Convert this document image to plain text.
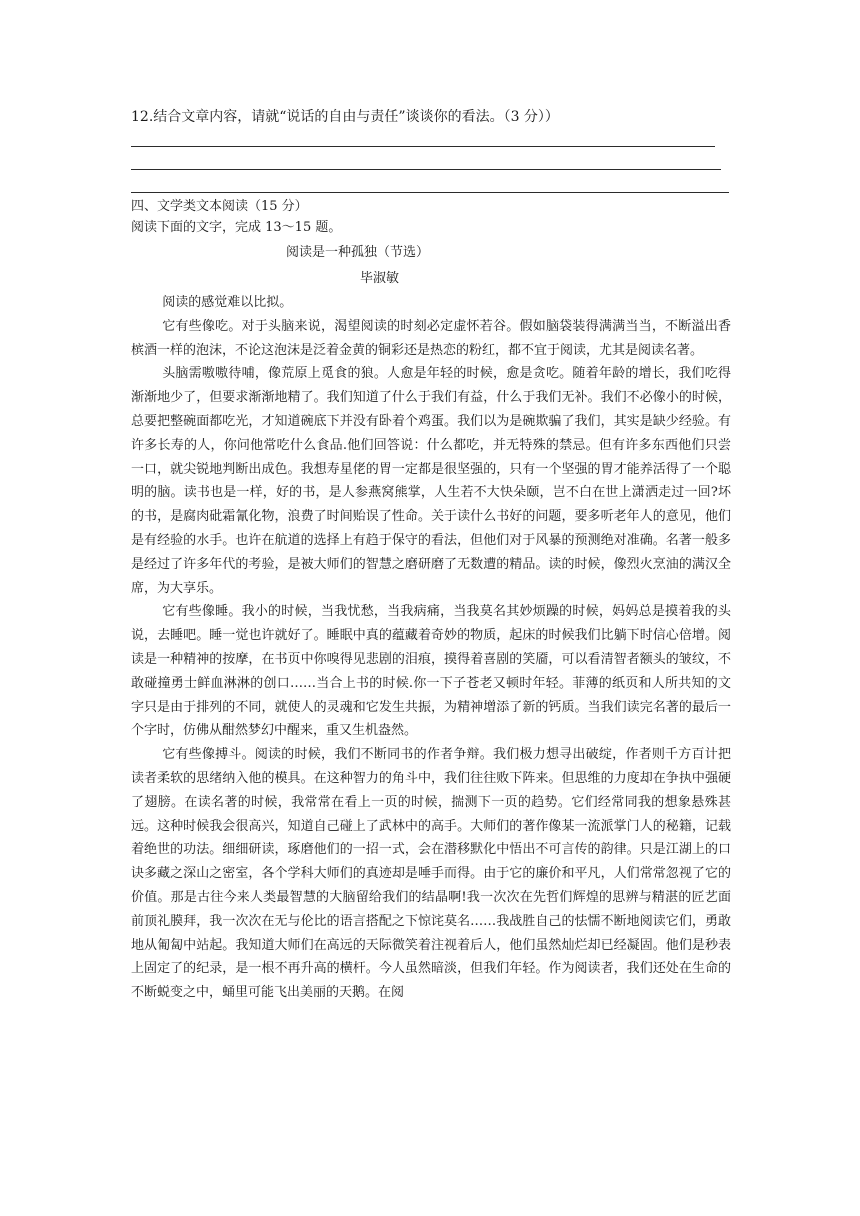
12.结合文章内容，请就“说话的自由与责任”谈谈你的看法。（3 分））
四、文学类文本阅读（15 分）
阅读下面的文字，完成 13～15 题。
阅读是一种孤独（节选）
毕淑敏

阅读的感觉难以比拟。

它有些像吃。对于头脑来说，渴望阅读的时刻必定虚怀若谷。假如脑袋装得满满当当，不断溢出香槟酒一样的泡沫，不论这泡沫是泛着金黄的铜彩还是热恋的粉红，都不宜于阅读，尤其是阅读名著。

头脑需嗷嗷待哺，像荒原上觅食的狼。人愈是年轻的时候，愈是贪吃。随着年龄的增长，我们吃得渐渐地少了，但要求渐渐地精了。我们知道了什么于我们有益，什么于我们无补。我们不必像小的时候，总要把整碗面都吃光，才知道碗底下并没有卧着个鸡蛋。我们以为是碗欺骗了我们，其实是缺少经验。有许多长寿的人，你问他常吃什么食品.他们回答说：什么都吃，并无特殊的禁忌。但有许多东西他们只尝一口，就尖锐地判断出成色。我想寿星佬的胃一定都是很坚强的，只有一个坚强的胃才能养活得了一个聪明的脑。读书也是一样，好的书，是人参燕窝熊掌，人生若不大快朵颐，岂不白在世上潇洒走过一回?坏的书，是腐肉砒霜氰化物，浪费了时间贻误了性命。关于读什么书好的问题，要多听老年人的意见，他们是有经验的水手。也许在航道的选择上有趋于保守的看法，但他们对于风暴的预测绝对准确。名著一般多是经过了许多年代的考验，是被大师们的智慧之磨研磨了无数遭的精品。读的时候，像烈火烹油的满汉全席，为大享乐。

它有些像睡。我小的时候，当我忧愁，当我病痛，当我莫名其妙烦躁的时候，妈妈总是摸着我的头说，去睡吧。睡一觉也许就好了。睡眠中真的蕴藏着奇妙的物质，起床的时候我们比躺下时信心倍增。阅读是一种精神的按摩，在书页中你嗅得见悲剧的泪痕，摸得着喜剧的笑靥，可以看清智者额头的皱纹，不敢碰撞勇士鲜血淋淋的创口……当合上书的时候.你一下子苍老又顿时年轻。菲薄的纸页和人所共知的文字只是由于排列的不同，就使人的灵魂和它发生共振，为精神增添了新的钙质。当我们读完名著的最后一个字时，仿佛从酣然梦幻中醒来，重又生机盎然。

它有些像搏斗。阅读的时候，我们不断同书的作者争辩。我们极力想寻出破绽，作者则千方百计把读者柔软的思绪纳入他的模具。在这种智力的角斗中，我们往往败下阵来。但思维的力度却在争执中强硬了翅膀。在读名著的时候，我常常在看上一页的时候，揣测下一页的趋势。它们经常同我的想象悬殊甚远。这种时候我会很高兴，知道自己碰上了武林中的高手。大师们的著作像某一流派掌门人的秘籍，记载着绝世的功法。细细研读，琢磨他们的一招一式，会在潜移默化中悟出不可言传的韵律。只是江湖上的口诀多藏之深山之密室，各个学科大师们的真迹却是唾手而得。由于它的廉价和平凡，人们常常忽视了它的价值。那是古往今来人类最智慧的大脑留给我们的结晶啊!我一次次在先哲们辉煌的思辨与精湛的匠艺面前顶礼膜拜，我一次次在无与伦比的语言搭配之下惊诧莫名……我战胜自己的怯懦不断地阅读它们，勇敢地从匍匐中站起。我知道大师们在高远的天际微笑着注视着后人，他们虽然灿烂却已经凝固。他们是秒表上固定了的纪录，是一根不再升高的横杆。今人虽然暗淡，但我们年轻。作为阅读者，我们还处在生命的不断蜕变之中，蛹里可能飞出美丽的天鹅。在阅
